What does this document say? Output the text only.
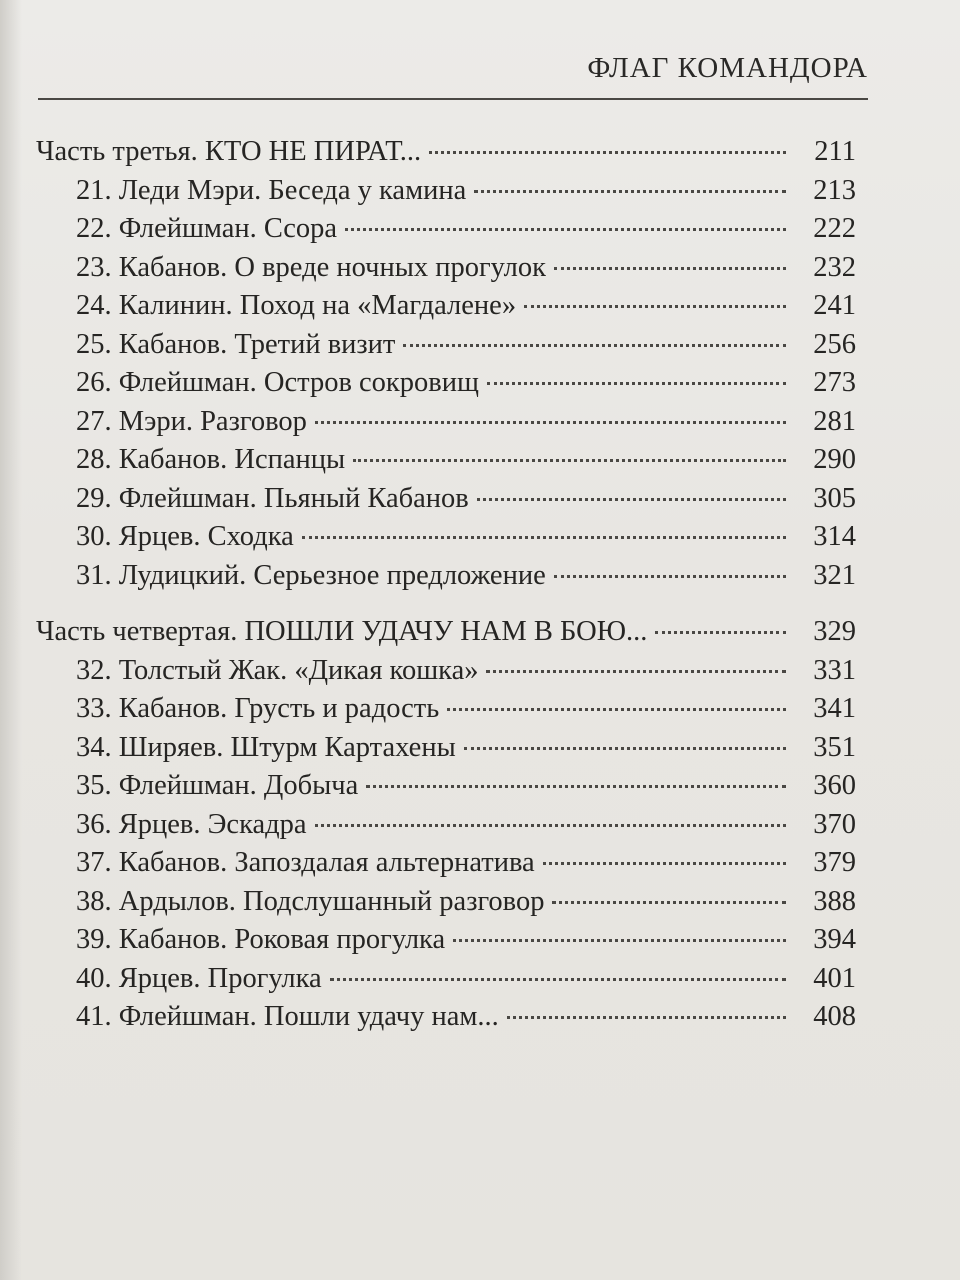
ФЛАГ КОМАНДОРА
Часть третья. КТО НЕ ПИРАТ...	211
21. Леди Мэри. Беседа у камина	213
22. Флейшман. Ссора	222
23. Кабанов. О вреде ночных прогулок	232
24. Калинин. Поход на «Магдалене»	241
25. Кабанов. Третий визит	256
26. Флейшман. Остров сокровищ	273
27. Мэри. Разговор	281
28. Кабанов. Испанцы	290
29. Флейшман. Пьяный Кабанов	305
30. Ярцев. Сходка	314
31. Лудицкий. Серьезное предложение	321
Часть четвертая. ПОШЛИ УДАЧУ НАМ В БОЮ...	329
32. Толстый Жак. «Дикая кошка»	331
33. Кабанов. Грусть и радость	341
34. Ширяев. Штурм Картахены	351
35. Флейшман. Добыча	360
36. Ярцев. Эскадра	370
37. Кабанов. Запоздалая альтернатива	379
38. Ардылов. Подслушанный разговор	388
39. Кабанов. Роковая прогулка	394
40. Ярцев. Прогулка	401
41. Флейшман. Пошли удачу нам...	408
